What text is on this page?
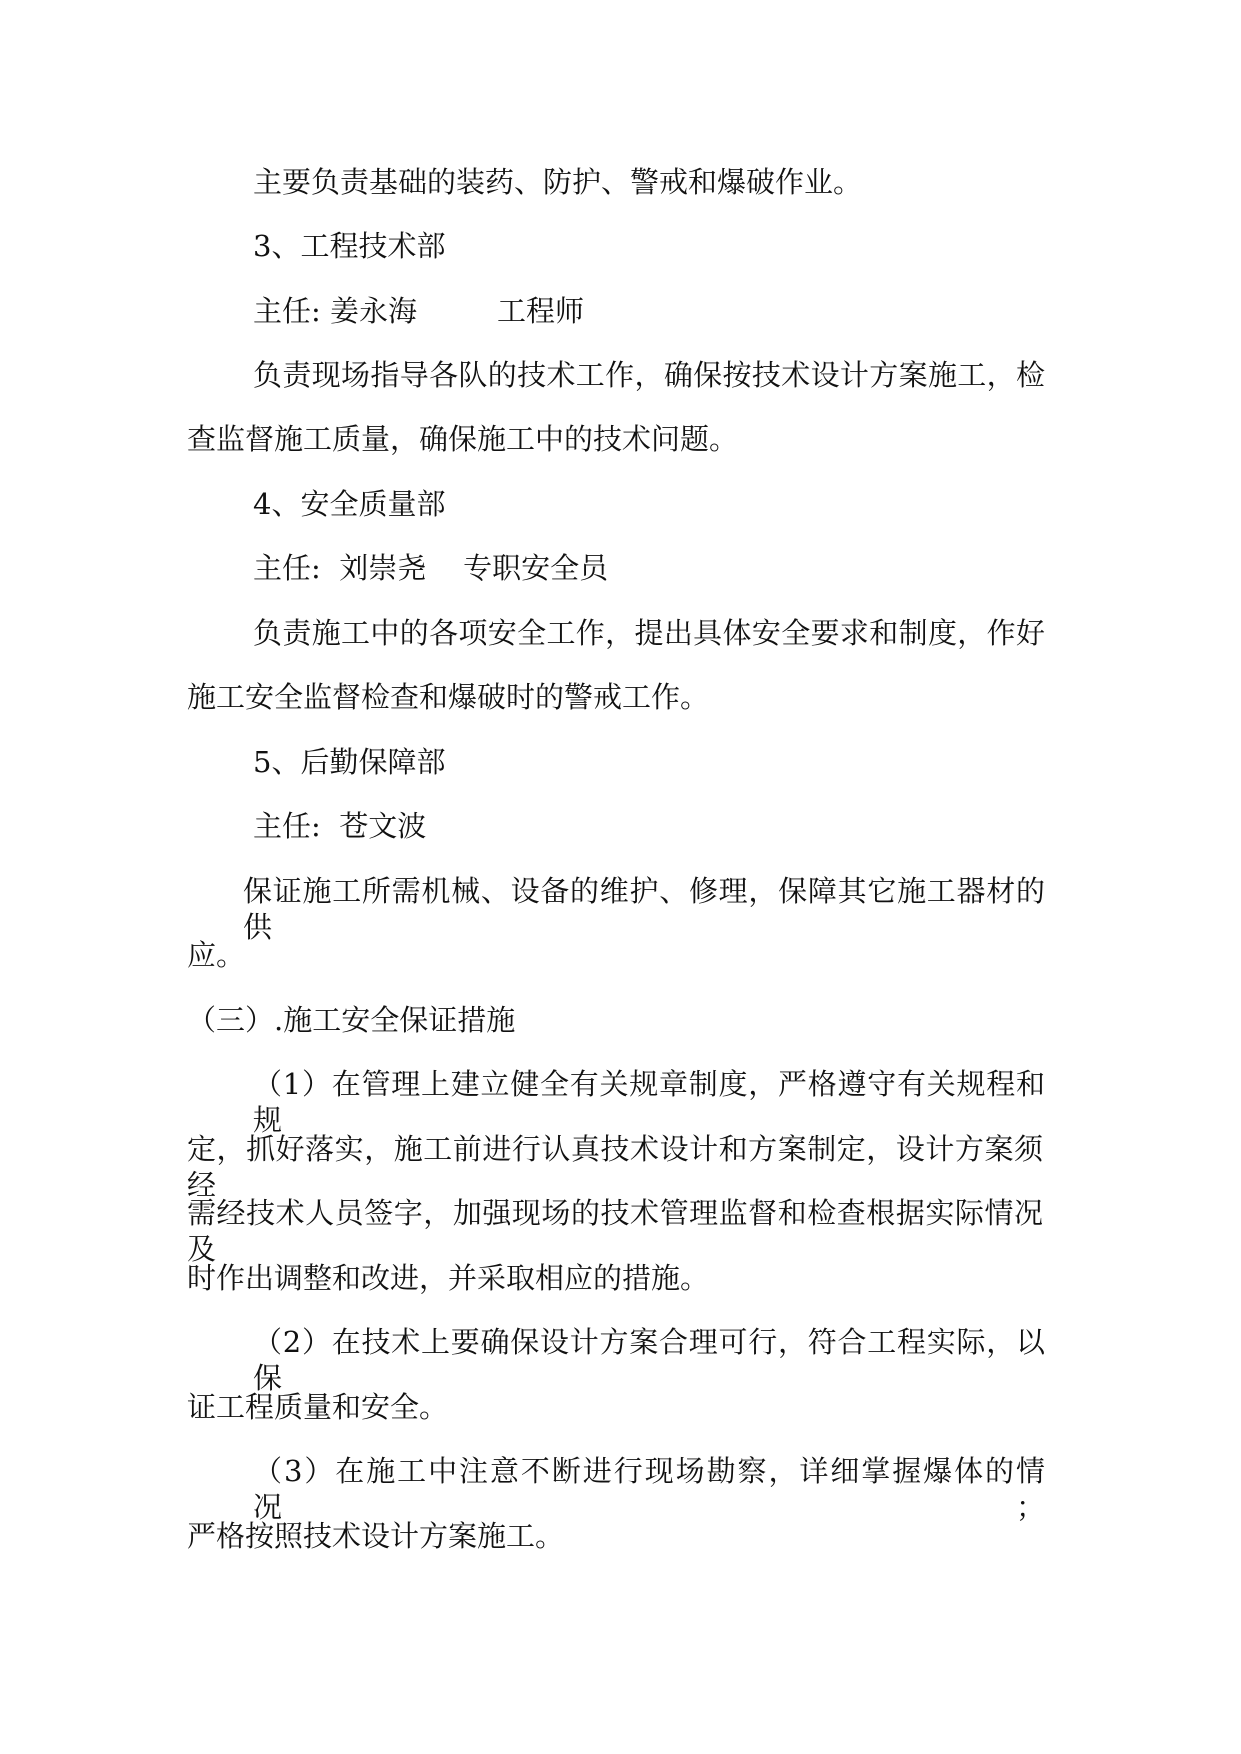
主要负责基础的装药、防护、警戒和爆破作业。
3、工程技术部
主任: 姜永海	工程师
负责现场指导各队的技术工作，确保按技术设计方案施工，检
查监督施工质量，确保施工中的技术问题。
4、安全质量部
主任:  刘崇尧    专职安全员
负责施工中的各项安全工作，提出具体安全要求和制度，作好
施工安全监督检查和爆破时的警戒工作。
5、后勤保障部
主任:  苍文波
保证施工所需机械、设备的维护、修理，保障其它施工器材的供
应。
（三）.施工安全保证措施
（1）在管理上建立健全有关规章制度，严格遵守有关规程和规
定，抓好落实，施工前进行认真技术设计和方案制定，设计方案须经
需经技术人员签字，加强现场的技术管理监督和检查根据实际情况及
时作出调整和改进，并采取相应的措施。
（2）在技术上要确保设计方案合理可行，符合工程实际，以保
证工程质量和安全。
（3）在施工中注意不断进行现场勘察，详细掌握爆体的情况；
严格按照技术设计方案施工。
